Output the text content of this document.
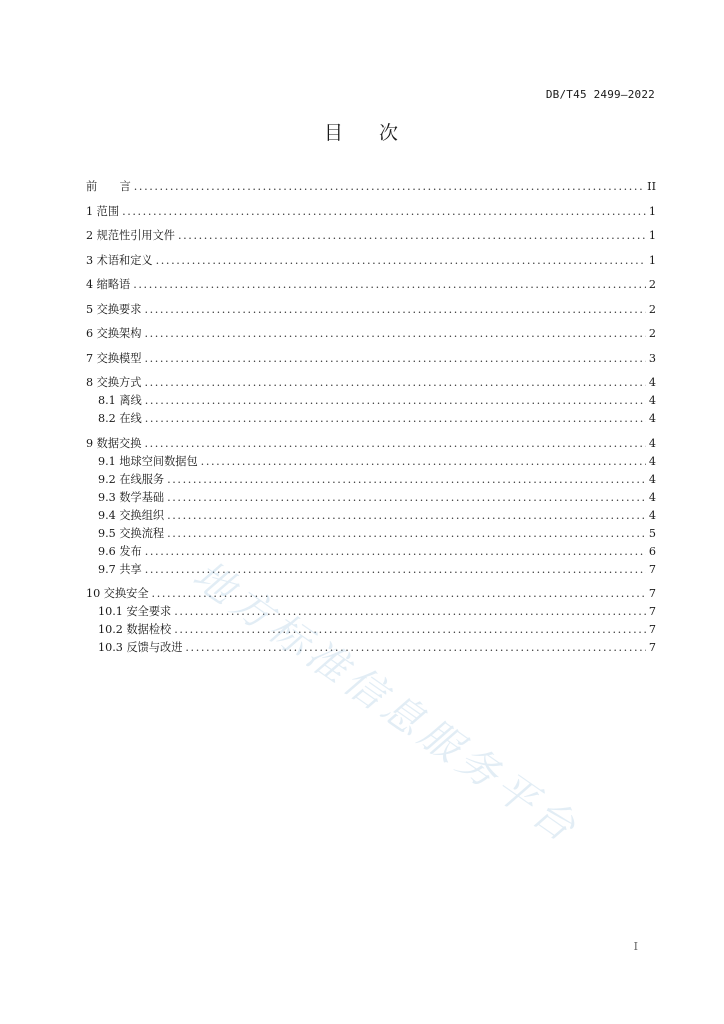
DB/T45 2499—2022
目 次
前　　言 .....	II
1 范围 .....	1
2 规范性引用文件 .....	1
3 术语和定义 .....	1
4 缩略语 .....	2
5 交换要求 .....	2
6 交换架构 .....	2
7 交换模型 .....	3
8 交换方式 .....	4
8.1 离线 .....	4
8.2 在线 .....	4
9 数据交换 .....	4
9.1 地球空间数据包 .....	4
9.2 在线服务 .....	4
9.3 数学基础 .....	4
9.4 交换组织 .....	4
9.5 交换流程 .....	5
9.6 发布 .....	6
9.7 共享 .....	7
10 交换安全 .....	7
10.1 安全要求 .....	7
10.2 数据检校 .....	7
10.3 反馈与改进 .....	7
地方标准信息服务平台
I
